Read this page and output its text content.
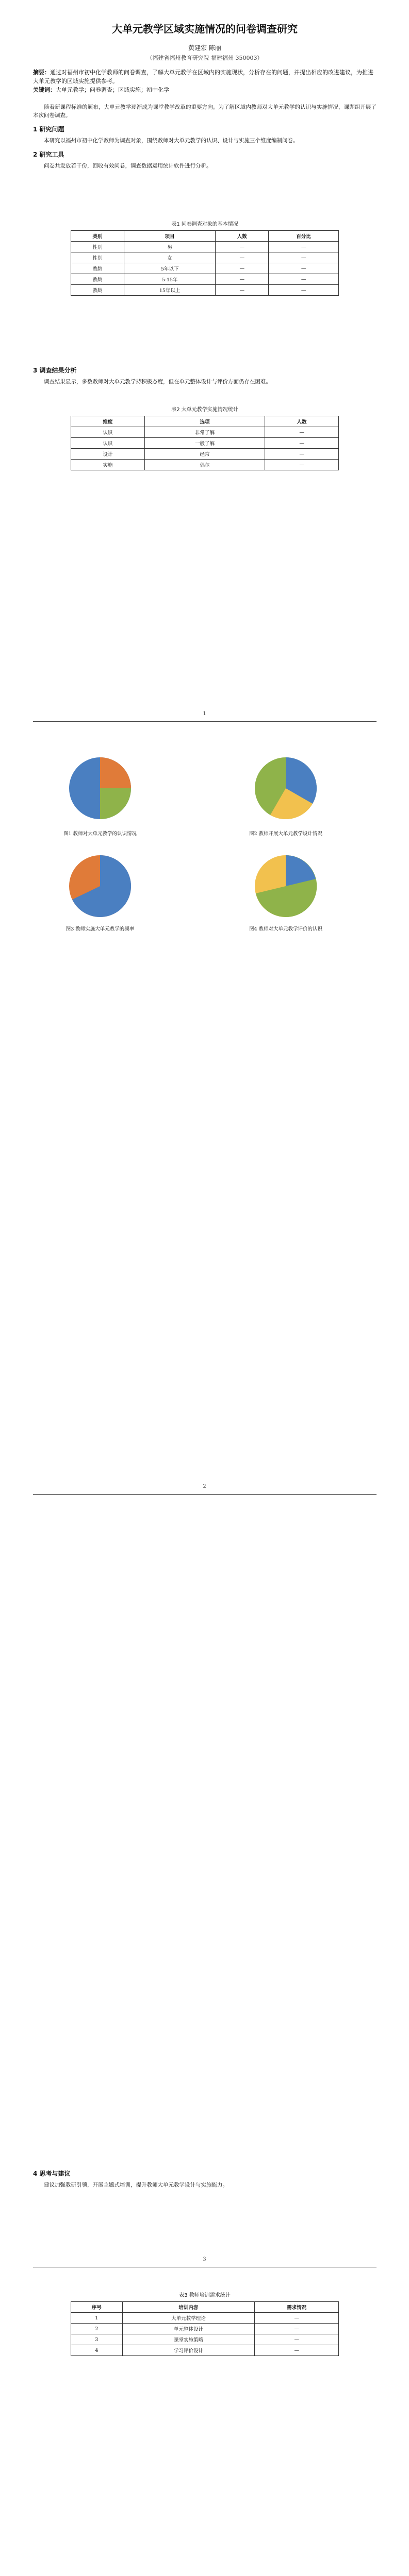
大单元教学区域实施情况的问卷调查研究
黄建宏 陈丽
（福建省福州教育研究院 福建福州 350003）
摘要：通过对福州市初中化学教师的问卷调查，了解大单元教学在区域内的实施现状，分析存在的问题，并提出相应的改进建议，为推进大单元教学的区域实施提供参考。
关键词：大单元教学；问卷调查；区域实施；初中化学

随着新课程标准的颁布，大单元教学逐渐成为课堂教学改革的重要方向。为了解区域内教师对大单元教学的认识与实施情况，课题组开展了本次问卷调查。

1 研究问题

本研究以福州市初中化学教师为调查对象，围绕教师对大单元教学的认识、设计与实施三个维度编制问卷。

2 研究工具

问卷共发放若干份，回收有效问卷，调查数据运用统计软件进行分析。

表1 问卷调查对象的基本情况
类别	项目	人数	百分比
性别	男	—	—
性别	女	—	—
教龄	5年以下	—	—
教龄	5-15年	—	—
教龄	15年以上	—	—
3 调查结果分析

调查结果显示，多数教师对大单元教学持积极态度，但在单元整体设计与评价方面仍存在困难。

表2 大单元教学实施情况统计
维度	选项	人数
认识	非常了解	—
认识	一般了解	—
设计	经常	—
实施	偶尔	—
1
图1 教师对大单元教学的认识情况	图2 教师开展大单元教学设计情况
图3 教师实施大单元教学的频率	图4 教师对大单元教学评价的认识
2
4 思考与建议

建议加强教研引领，开展主题式培训，提升教师大单元教学设计与实施能力。

3
表3 教师培训需求统计
序号	培训内容	需求情况
1	大单元教学理论	—
2	单元整体设计	—
3	课堂实施策略	—
4	学习评价设计	—
